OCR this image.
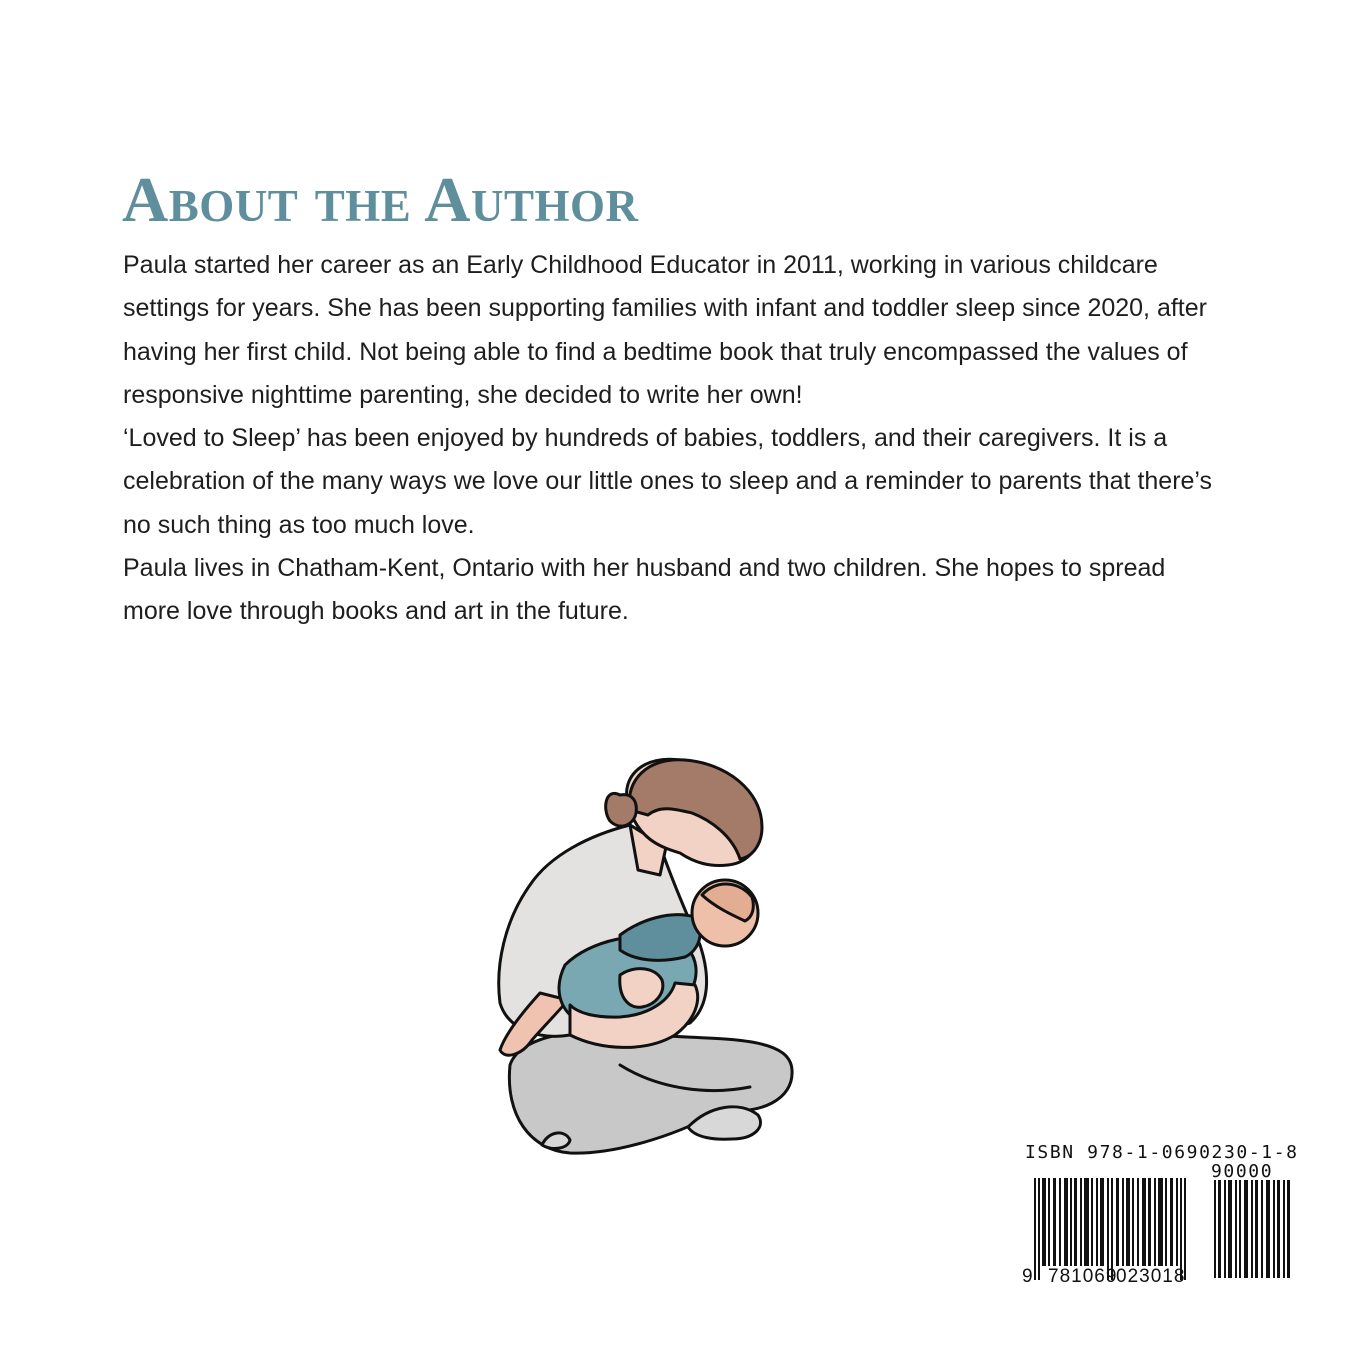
About the Author

Paula started her career as an Early Childhood Educator in 2011, working in various childcare settings for years. She has been supporting families with infant and toddler sleep since 2020, after having her first child. Not being able to find a bedtime book that truly encompassed the values of responsive nighttime parenting, she decided to write her own!

‘Loved to Sleep’ has been enjoyed by hundreds of babies, toddlers, and their caregivers. It is a celebration of the many ways we love our little ones to sleep and a reminder to parents that there’s no such thing as too much love.

Paula lives in Chatham-Kent, Ontario with her husband and two children. She hopes to spread more love through books and art in the future.

ISBN 978-1-0690230-1-8
90000
9 781069
023018
